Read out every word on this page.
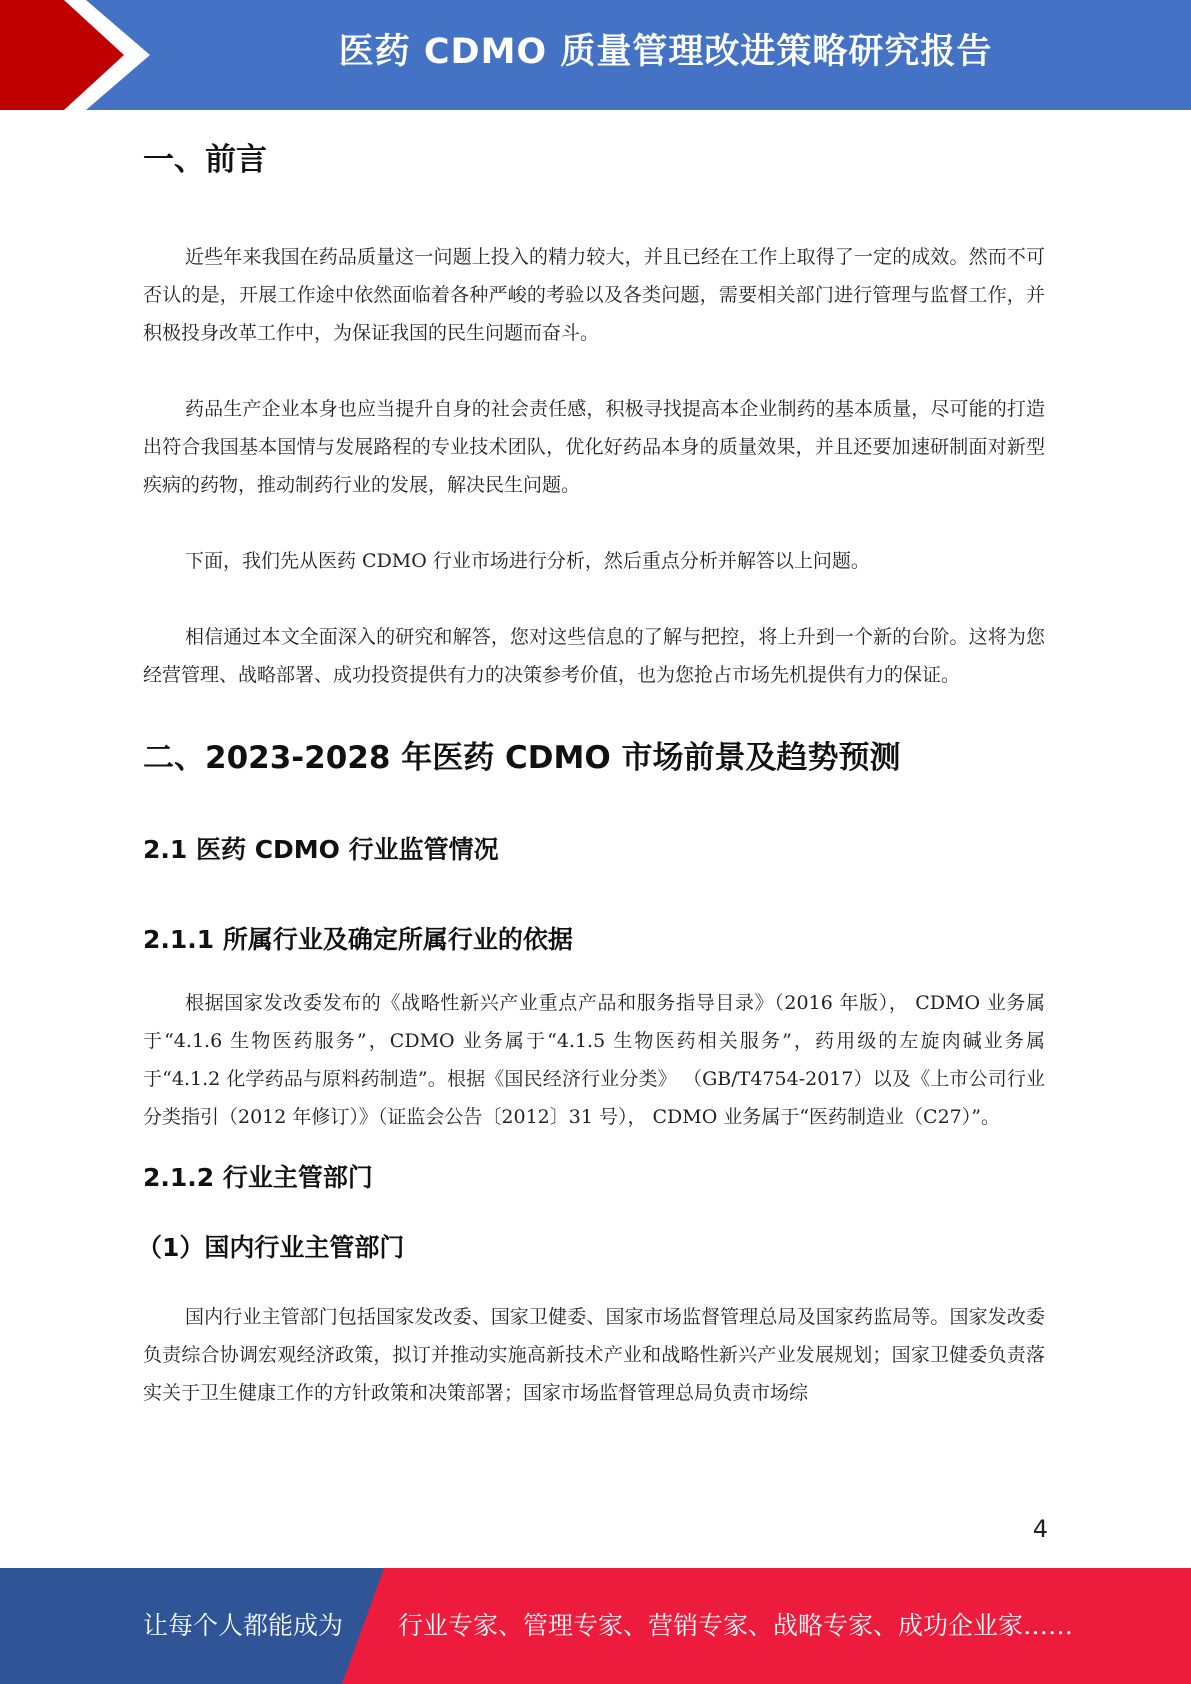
医药 CDMO 质量管理改进策略研究报告
一、前言

近些年来我国在药品质量这一问题上投入的精力较大，并且已经在工作上取得了一定的成效。然而不可否认的是，开展工作途中依然面临着各种严峻的考验以及各类问题，需要相关部门进行管理与监督工作，并积极投身改革工作中，为保证我国的民生问题而奋斗。

药品生产企业本身也应当提升自身的社会责任感，积极寻找提高本企业制药的基本质量，尽可能的打造出符合我国基本国情与发展路程的专业技术团队，优化好药品本身的质量效果，并且还要加速研制面对新型疾病的药物，推动制药行业的发展，解决民生问题。

下面，我们先从医药 CDMO 行业市场进行分析，然后重点分析并解答以上问题。

相信通过本文全面深入的研究和解答，您对这些信息的了解与把控，将上升到一个新的台阶。这将为您经营管理、战略部署、成功投资提供有力的决策参考价值，也为您抢占市场先机提供有力的保证。

二、2023-2028 年医药 CDMO 市场前景及趋势预测
2.1 医药 CDMO 行业监管情况
2.1.1 所属行业及确定所属行业的依据

根据国家发改委发布的《战略性新兴产业重点产品和服务指导目录》（2016 年版）， CDMO 业务属于“4.1.6 生物医药服务”，CDMO 业务属于“4.1.5 生物医药相关服务”，药用级的左旋肉碱业务属于“4.1.2 化学药品与原料药制造”。根据《国民经济行业分类》 （GB/T4754-2017）以及《上市公司行业分类指引（2012 年修订）》（证监会公告〔2012〕31 号）， CDMO 业务属于“医药制造业（C27）”。

2.1.2 行业主管部门
（1）国内行业主管部门

国内行业主管部门包括国家发改委、国家卫健委、国家市场监督管理总局及国家药监局等。国家发改委负责综合协调宏观经济政策，拟订并推动实施高新技术产业和战略性新兴产业发展规划；国家卫健委负责落实关于卫生健康工作的方针政策和决策部署；国家市场监督管理总局负责市场综

4
让每个人都能成为 行业专家、管理专家、营销专家、战略专家、成功企业家……
